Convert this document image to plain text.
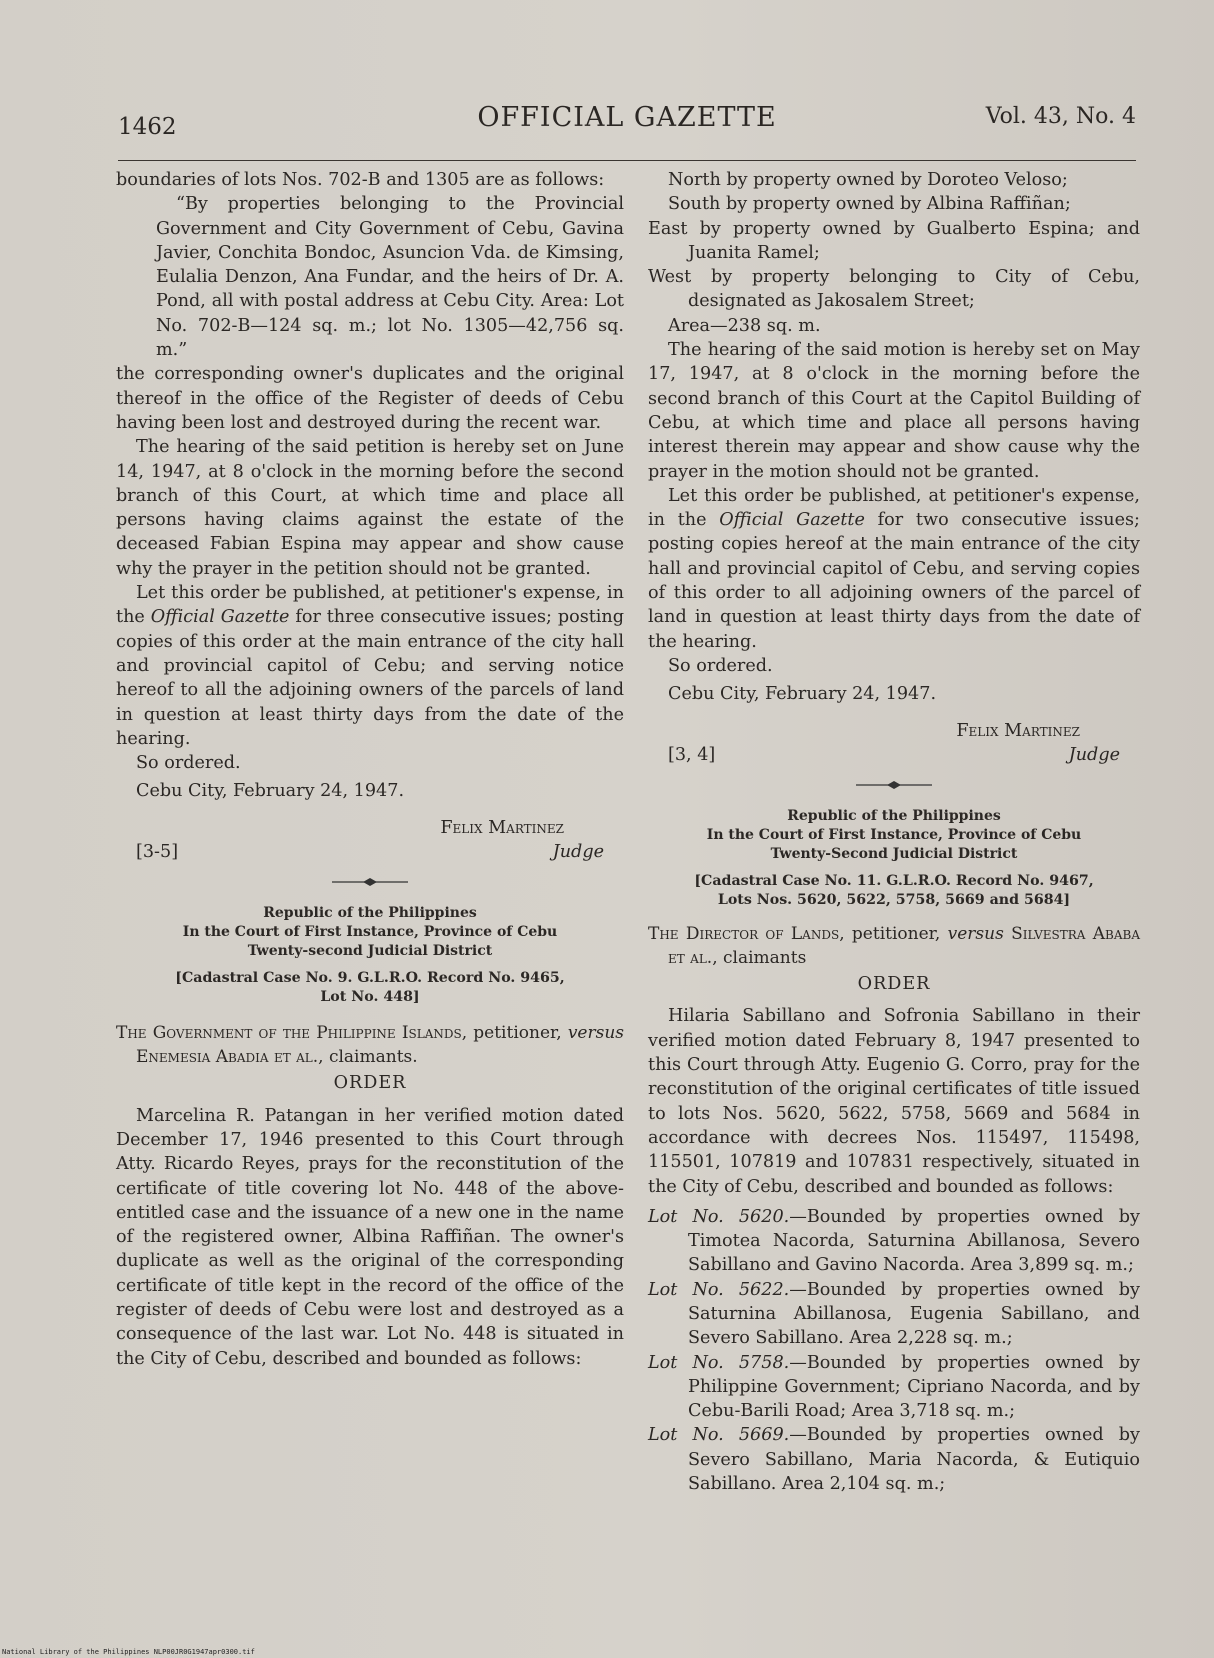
1462	OFFICIAL GAZETTE	Vol. 43, No. 4

boundaries of lots Nos. 702-B and 1305 are as follows:

“By properties belonging to the Provincial Government and City Government of Cebu, Gavina Javier, Conchita Bondoc, Asuncion Vda. de Kimsing, Eulalia Denzon, Ana Fundar, and the heirs of Dr. A. Pond, all with postal address at Cebu City. Area: Lot No. 702-B—124 sq. m.; lot No. 1305—42,756 sq. m.”

the corresponding owner's duplicates and the original thereof in the office of the Register of deeds of Cebu having been lost and destroyed during the recent war.

The hearing of the said petition is hereby set on June 14, 1947, at 8 o'clock in the morning before the second branch of this Court, at which time and place all persons having claims against the estate of the deceased Fabian Espina may appear and show cause why the prayer in the petition should not be granted.

Let this order be published, at petitioner's expense, in the Official Gazette for three consecutive issues; posting copies of this order at the main entrance of the city hall and provincial capitol of Cebu; and serving notice hereof to all the adjoining owners of the parcels of land in question at least thirty days from the date of the hearing.

So ordered.

Cebu City, February 24, 1947.

Felix Martinez
[3-5]	Judge
Republic of the Philippines
In the Court of First Instance, Province of Cebu
Twenty-second Judicial District
[Cadastral Case No. 9. G.L.R.O. Record No. 9465,
Lot No. 448]

The Government of the Philippine Islands, petitioner, versus Enemesia Abadia et al., claimants.

ORDER

Marcelina R. Patangan in her verified motion dated December 17, 1946 presented to this Court through Atty. Ricardo Reyes, prays for the reconstitution of the certificate of title covering lot No. 448 of the above-entitled case and the issuance of a new one in the name of the registered owner, Albina Raffiñan. The owner's duplicate as well as the original of the corresponding certificate of title kept in the record of the office of the register of deeds of Cebu were lost and destroyed as a consequence of the last war. Lot No. 448 is situated in the City of Cebu, described and bounded as follows:

North by property owned by Doroteo Veloso;

South by property owned by Albina Raffiñan;

East by property owned by Gualberto Espina; and Juanita Ramel;

West by property belonging to City of Cebu, designated as Jakosalem Street;

Area—238 sq. m.

The hearing of the said motion is hereby set on May 17, 1947, at 8 o'clock in the morning before the second branch of this Court at the Capitol Building of Cebu, at which time and place all persons having interest therein may appear and show cause why the prayer in the motion should not be granted.

Let this order be published, at petitioner's expense, in the Official Gazette for two consecutive issues; posting copies hereof at the main entrance of the city hall and provincial capitol of Cebu, and serving copies of this order to all adjoining owners of the parcel of land in question at least thirty days from the date of the hearing.

So ordered.

Cebu City, February 24, 1947.

Felix Martinez
[3, 4]	Judge
Republic of the Philippines
In the Court of First Instance, Province of Cebu
Twenty-Second Judicial District
[Cadastral Case No. 11. G.L.R.O. Record No. 9467,
Lots Nos. 5620, 5622, 5758, 5669 and 5684]

The Director of Lands, petitioner, versus Silvestra Ababa et al., claimants

ORDER

Hilaria Sabillano and Sofronia Sabillano in their verified motion dated February 8, 1947 presented to this Court through Atty. Eugenio G. Corro, pray for the reconstitution of the original certificates of title issued to lots Nos. 5620, 5622, 5758, 5669 and 5684 in accordance with decrees Nos. 115497, 115498, 115501, 107819 and 107831 respectively, situated in the City of Cebu, described and bounded as follows:

Lot No. 5620.—Bounded by properties owned by Timotea Nacorda, Saturnina Abillanosa, Severo Sabillano and Gavino Nacorda. Area 3,899 sq. m.;

Lot No. 5622.—Bounded by properties owned by Saturnina Abillanosa, Eugenia Sabillano, and Severo Sabillano. Area 2,228 sq. m.;

Lot No. 5758.—Bounded by properties owned by Philippine Government; Cipriano Nacorda, and by Cebu-Barili Road; Area 3,718 sq. m.;

Lot No. 5669.—Bounded by properties owned by Severo Sabillano, Maria Nacorda, & Eutiquio Sabillano. Area 2,104 sq. m.;

National Library of the Philippines NLP00JR0G1947apr0300.tif
